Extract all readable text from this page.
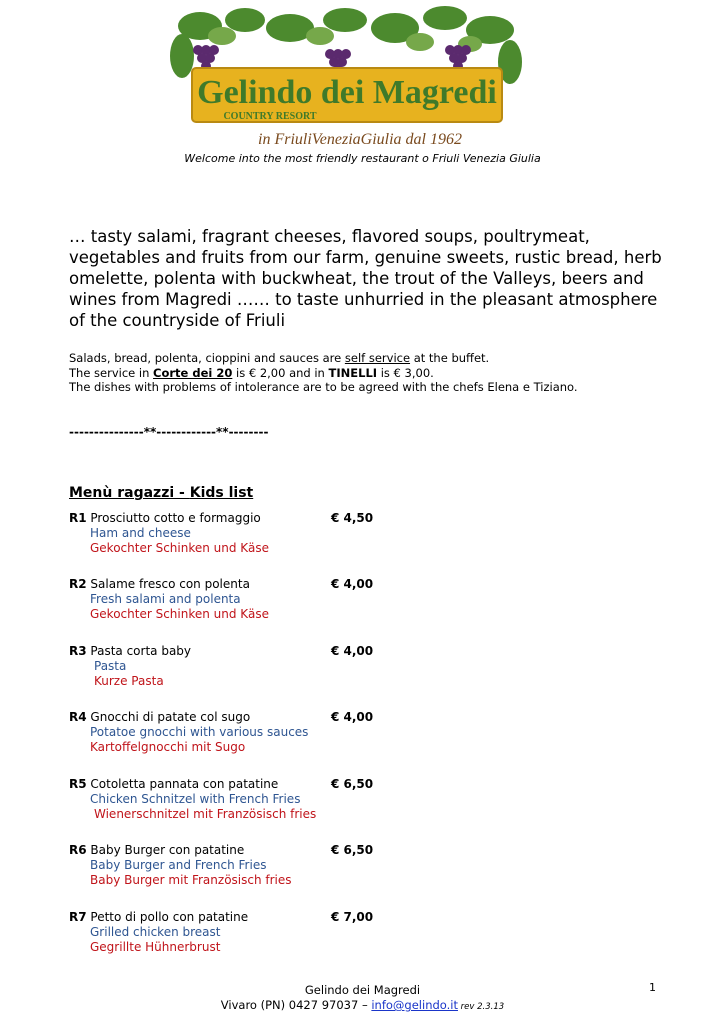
Gelindo dei Magredi
COUNTRY RESORT
in FriuliVeneziaGiulia dal 1962
Welcome into the most friendly restaurant o Friuli Venezia Giulia
… tasty salami, fragrant cheeses, flavored soups, poultrymeat, vegetables and fruits from our farm, genuine sweets, rustic bread, herb omelette, polenta with buckwheat, the trout of the Valleys, beers and wines from Magredi …… to taste unhurried in the pleasant atmosphere of the countryside of Friuli
Salads, bread, polenta, cioppini and sauces are self service at the buffet.
The service in Corte dei 20 is € 2,00 and in TINELLI is € 3,00.
The dishes with problems of intolerance are to be agreed with the chefs Elena e Tiziano.
---------------**------------**--------
Menù ragazzi - Kids list
R1 Prosciutto cotto e formaggio	€ 4,50
Ham and cheese
Gekochter Schinken und Käse
R2 Salame fresco con polenta	€ 4,00
Fresh salami and polenta
Gekochter Schinken und Käse
R3 Pasta corta baby	€ 4,00
Pasta
Kurze Pasta
R4 Gnocchi di patate col sugo	€ 4,00
Potatoe gnocchi with various sauces
Kartoffelgnocchi mit Sugo
R5 Cotoletta pannata con patatine	€ 6,50
Chicken Schnitzel with French Fries
Wienerschnitzel mit Französisch fries
R6 Baby Burger con patatine	€ 6,50
Baby Burger and French Fries
Baby Burger mit Französisch fries
R7 Petto di pollo con patatine	€ 7,00
Grilled chicken breast
Gegrillte Hühnerbrust
Gelindo dei Magredi
Vivaro (PN) 0427 97037 – info@gelindo.it rev 2.3.13
1
